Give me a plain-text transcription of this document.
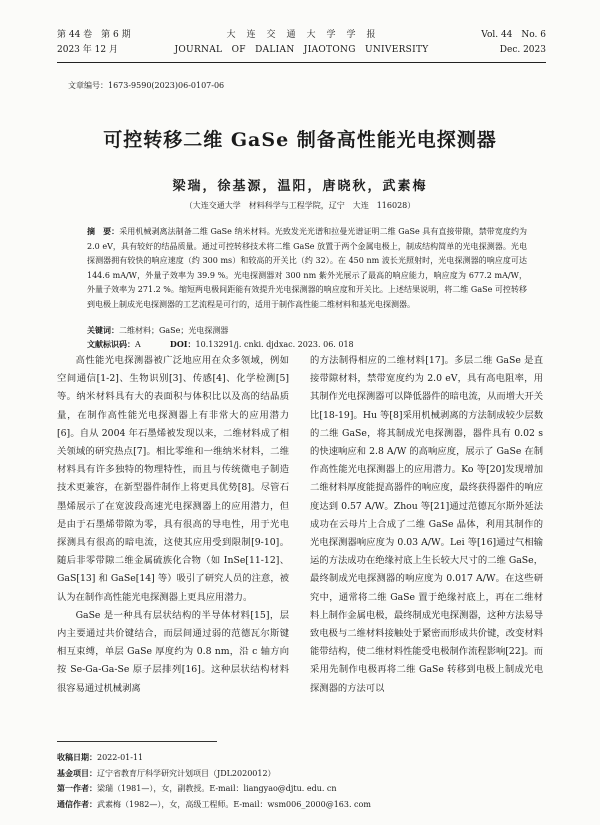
第 44 卷　第 6 期
2023 年 12 月
大　连　交　通　大　学　学　报
JOURNAL　OF　DALIAN　JIAOTONG　UNIVERSITY
Vol. 44　No. 6
Dec. 2023
文章编号：1673-9590(2023)06-0107-06
可控转移二维 GaSe 制备高性能光电探测器
梁瑞，徐基源，温阳，唐晓秋，武素梅
（大连交通大学　材料科学与工程学院，辽宁　大连　116028）
摘　要：采用机械剥离法制备二维 GaSe 纳米材料。光致发光光谱和拉曼光谱证明二维 GaSe 具有直接带隙，禁带宽度约为 2.0 eV，具有较好的结晶质量。通过可控转移技术将二维 GaSe 放置于两个金属电极上，制成结构简单的光电探测器。光电探测器拥有较快的响应速度（约 300 ms）和较高的开关比（约 32）。在 450 nm 波长光照射时，光电探测器的响应度可达 144.6 mA/W，外量子效率为 39.9 %。光电探测器对 300 nm 紫外光展示了最高的响应能力，响应度为 677.2 mA/W，外量子效率为 271.2 %。缩短两电极间距能有效提升光电探测器的响应度和开关比。上述结果说明，将二维 GaSe 可控转移到电极上制成光电探测器的工艺流程是可行的，适用于制作高性能二维材料和基光电探测器。
关键词：二维材料；GaSe；光电探测器
文献标识码：A	DOI：10.13291/j. cnki. djdxac. 2023. 06. 018

高性能光电探测器被广泛地应用在众多领域，例如空间通信[1-2]、生物识别[3]、传感[4]、化学检测[5]等。纳米材料具有大的表面积与体积比以及高的结晶质量，在制作高性能光电探测器上有非常大的应用潜力[6]。自从 2004 年石墨烯被发现以来，二维材料成了相关领域的研究热点[7]。相比零维和一维纳米材料，二维材料具有许多独特的物理特性，而且与传统微电子制造技术更兼容，在新型器件制作上将更具优势[8]。尽管石墨烯展示了在宽波段高速光电探测器上的应用潜力，但是由于石墨烯带隙为零，具有很高的导电性，用于光电探测具有很高的暗电流，这使其应用受到限制[9-10]。随后非零带隙二维金属硫族化合物（如 InSe[11-12]、GaS[13] 和 GaSe[14] 等）吸引了研究人员的注意，被认为在制作高性能光电探测器上更具应用潜力。

GaSe 是一种具有层状结构的半导体材料[15]，层内主要通过共价键结合，而层间通过弱的范德瓦尔斯键相互束缚，单层 GaSe 厚度约为 0.8 nm，沿 c 轴方向按 Se-Ga-Ga-Se 原子层排列[16]。这种层状结构材料很容易通过机械剥离

的方法制得相应的二维材料[17]。多层二维 GaSe 是直接带隙材料，禁带宽度约为 2.0 eV，具有高电阻率，用其制作光电探测器可以降低器件的暗电流，从而增大开关比[18-19]。Hu 等[8]采用机械剥离的方法制成较少层数的二维 GaSe，将其制成光电探测器，器件具有 0.02 s 的快速响应和 2.8 A/W 的高响应度，展示了 GaSe 在制作高性能光电探测器上的应用潜力。Ko 等[20]发现增加二维材料厚度能提高器件的响应度，最终获得器件的响应度达到 0.57 A/W。Zhou 等[21]通过范德瓦尔斯外延法成功在云母片上合成了二维 GaSe 晶体，利用其制作的光电探测器响应度为 0.03 A/W。Lei 等[16]通过气相输运的方法成功在绝缘衬底上生长较大尺寸的二维 GaSe，最终制成光电探测器的响应度为 0.017 A/W。在这些研究中，通常将二维 GaSe 置于绝缘衬底上，再在二维材料上制作金属电极，最终制成光电探测器，这种方法易导致电极与二维材料接触处于紧密而形成共价键，改变材料能带结构，使二维材料性能受电极制作流程影响[22]。而采用先制作电极再将二维 GaSe 转移到电极上制成光电探测器的方法可以

收稿日期：2022-01-11
基金项目：辽宁省教育厅科学研究计划项目（JDL2020012）
第一作者：梁瑞（1981—），女，副教授。E-mail：liangyao@djtu. edu. cn
通信作者：武素梅（1982—），女，高级工程师。E-mail：wsm006_2000@163. com
